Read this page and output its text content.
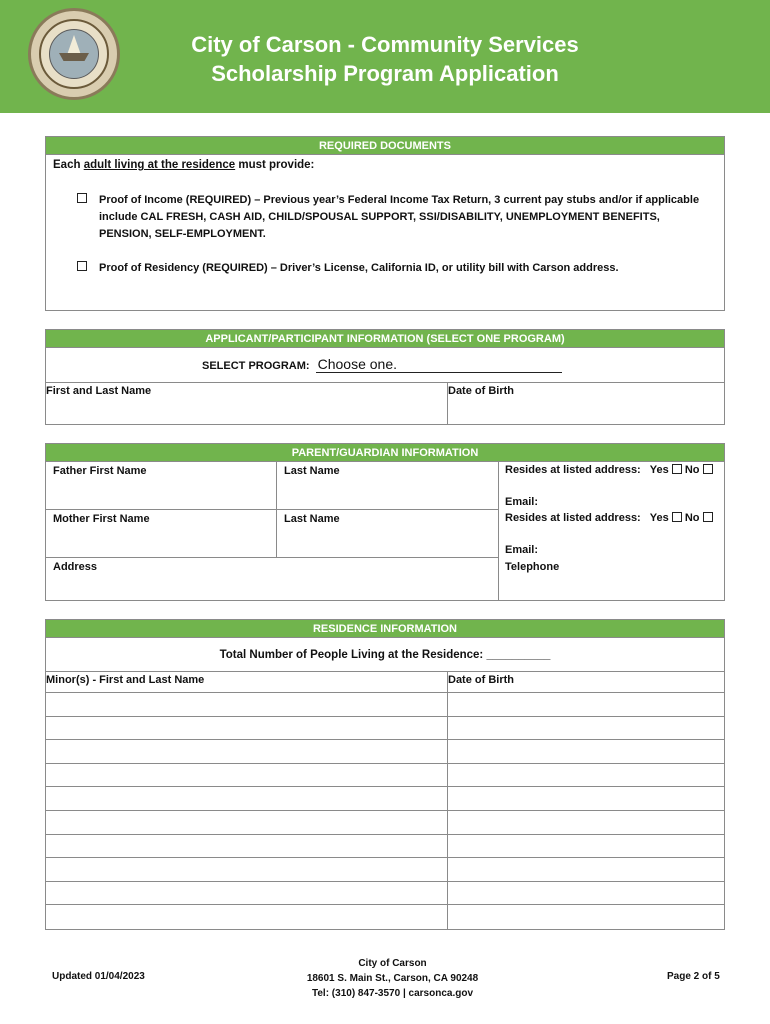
City of Carson - Community Services
Scholarship Program Application
REQUIRED DOCUMENTS
Each adult living at the residence must provide:
Proof of Income (REQUIRED) – Previous year’s Federal Income Tax Return, 3 current pay stubs and/or if applicable include CAL FRESH, CASH AID, CHILD/SPOUSAL SUPPORT, SSI/DISABILITY, UNEMPLOYMENT BENEFITS, PENSION, SELF-EMPLOYMENT.
Proof of Residency (REQUIRED) – Driver’s License, California ID, or utility bill with Carson address.
APPLICANT/PARTICIPANT INFORMATION (SELECT ONE PROGRAM)
SELECT PROGRAM: Choose one.
First and Last Name	Date of Birth
PARENT/GUARDIAN INFORMATION
Father First Name	Last Name	Resides at listed address: Yes No
Email:
Mother First Name	Last Name	Resides at listed address: Yes No
Email:
Address	Telephone
RESIDENCE INFORMATION
Total Number of People Living at the Residence: __________
Minor(s) - First and Last Name	Date of Birth
Updated 01/04/2023
City of Carson
18601 S. Main St., Carson, CA 90248
Tel: (310) 847-3570 | carsonca.gov
Page 2 of 5
